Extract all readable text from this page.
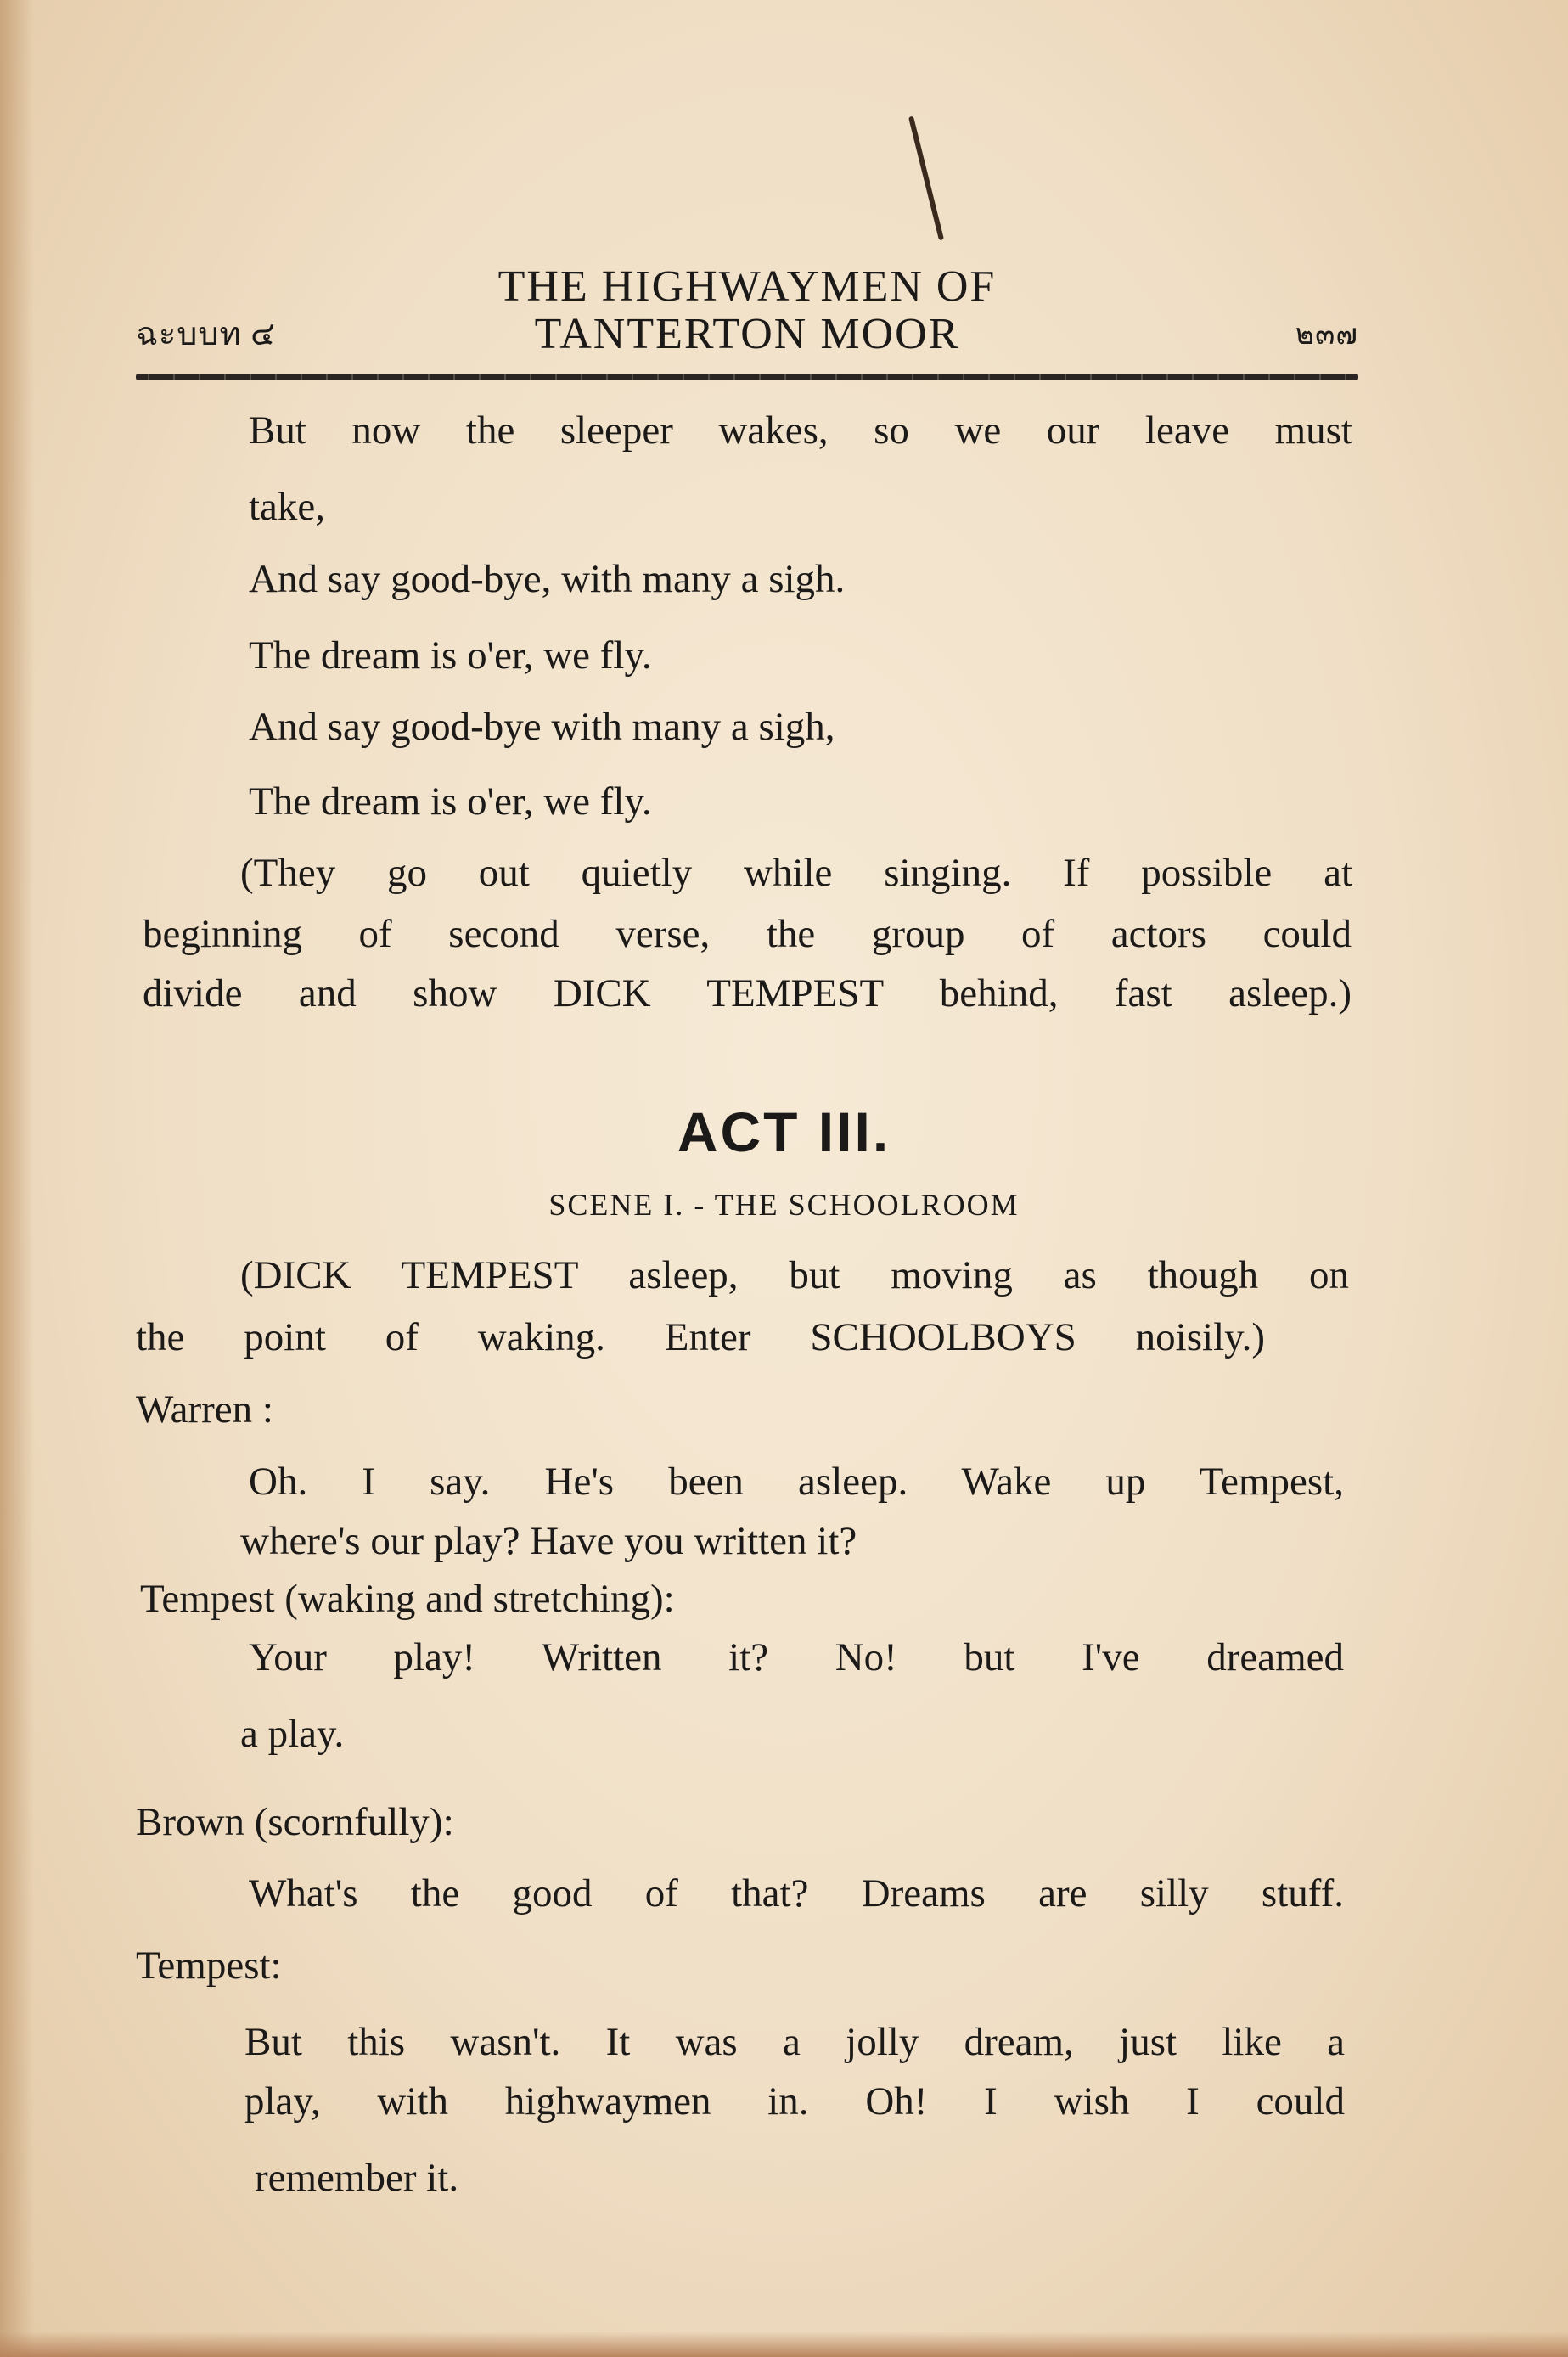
ฉะบบท ๔
THE HIGHWAYMEN OF
TANTERTON MOOR	๒๓๗
But now the sleeper wakes, so we our leave must
take,
And say good-bye, with many a sigh.
The dream is o'er, we fly.
And say good-bye with many a sigh,
The dream is o'er, we fly.
(They go out quietly while singing. If possible at
beginning of second verse, the group of actors could
divide and show DICK TEMPEST behind, fast asleep.)
ACT III.
SCENE I. - THE SCHOOLROOM
(DICK TEMPEST asleep, but moving as though on
the point of waking. Enter SCHOOLBOYS noisily.)
Warren :
Oh. I say. He's been asleep. Wake up Tempest,
where's our play? Have you written it?
Tempest (waking and stretching):
Your play! Written it? No! but I've dreamed
a play.
Brown (scornfully):
What's the good of that? Dreams are silly stuff.
Tempest:
But this wasn't. It was a jolly dream, just like a
play, with highwaymen in. Oh! I wish I could
remember it.
